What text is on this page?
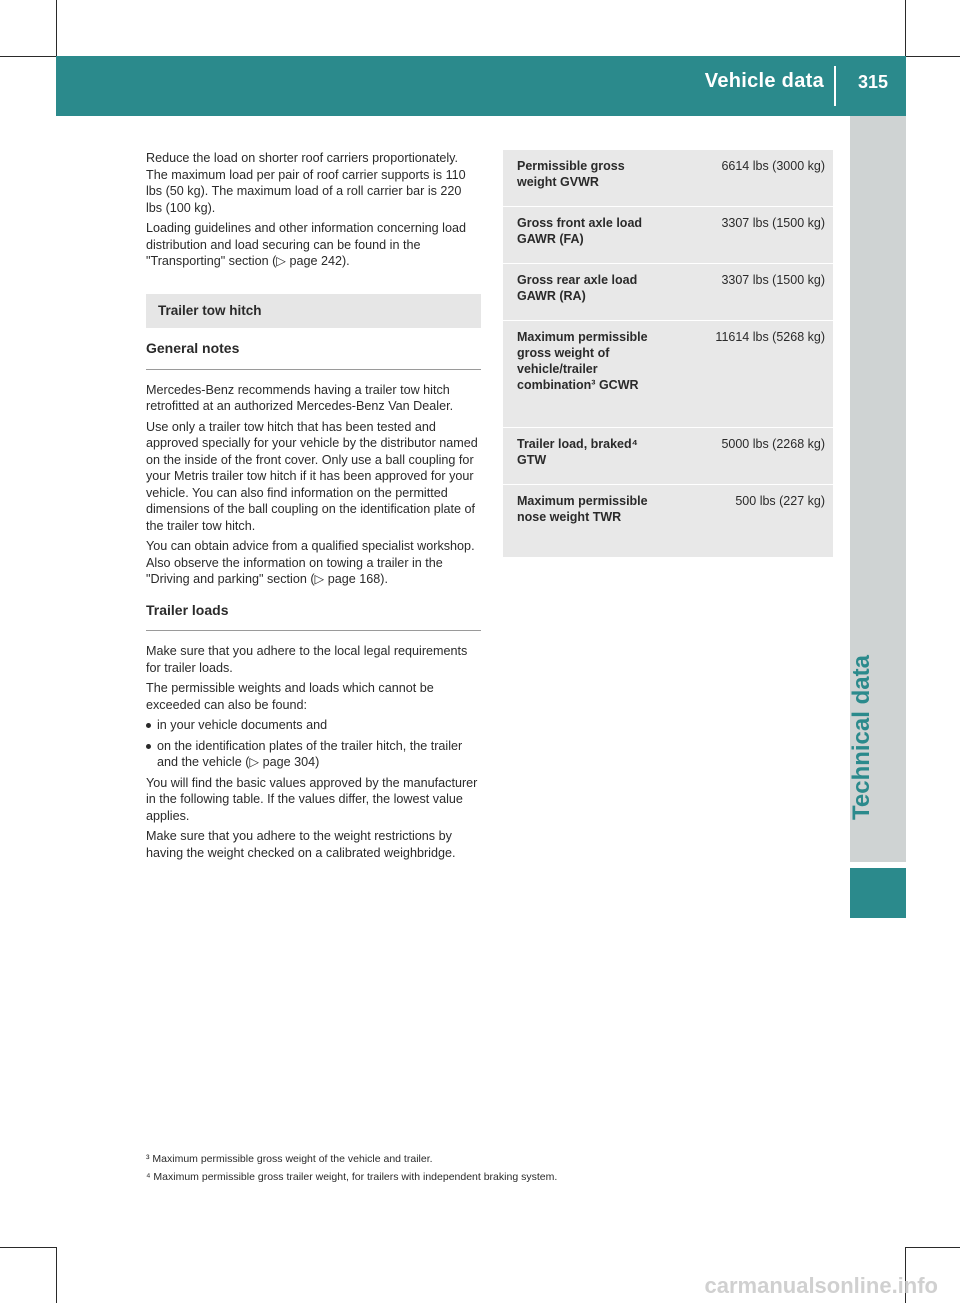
Vehicle data 315
Technical data

Reduce the load on shorter roof carriers proportionately. The maximum load per pair of roof carrier supports is 110 lbs (50 kg). The maximum load of a roll carrier bar is 220 lbs (100 kg).

Loading guidelines and other information concerning load distribution and load securing can be found in the "Transporting" section (▷ page 242).

Trailer tow hitch
General notes

Mercedes-Benz recommends having a trailer tow hitch retrofitted at an authorized Mercedes-Benz Van Dealer.

Use only a trailer tow hitch that has been tested and approved specially for your vehicle by the distributor named on the inside of the front cover. Only use a ball coupling for your Metris trailer tow hitch if it has been approved for your vehicle. You can also find information on the permitted dimensions of the ball coupling on the identification plate of the trailer tow hitch.

You can obtain advice from a qualified specialist workshop. Also observe the information on towing a trailer in the "Driving and parking" section (▷ page 168).

Trailer loads

Make sure that you adhere to the local legal requirements for trailer loads.

The permissible weights and loads which cannot be exceeded can also be found:

in your vehicle documents and
on the identification plates of the trailer hitch, the trailer and the vehicle (▷ page 304)

You will find the basic values approved by the manufacturer in the following table. If the values differ, the lowest value applies.

Make sure that you adhere to the weight restrictions by having the weight checked on a calibrated weighbridge.

Permissible gross weight GVWR
6614 lbs (3000 kg)
Gross front axle load GAWR (FA)
3307 lbs (1500 kg)
Gross rear axle load GAWR (RA)
3307 lbs (1500 kg)
Maximum permissible gross weight of vehicle/trailer combination³ GCWR
11614 lbs (5268 kg)
Trailer load, braked⁴ GTW
5000 lbs (2268 kg)
Maximum permissible nose weight TWR
500 lbs (227 kg)
³ Maximum permissible gross weight of the vehicle and trailer.
⁴ Maximum permissible gross trailer weight, for trailers with independent braking system.
carmanualsonline.info
